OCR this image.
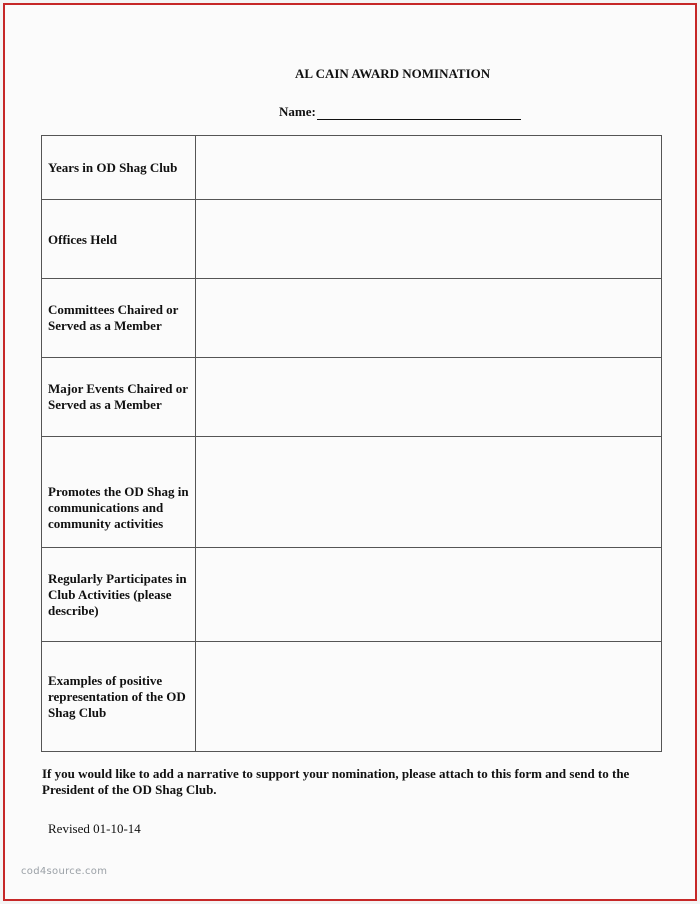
AL CAIN AWARD NOMINATION
Name:
Years in OD Shag Club	
Offices Held	
Committees Chaired or Served as a Member	
Major Events Chaired or Served as a Member	
Promotes the OD Shag in communications and community activities	
Regularly Participates in Club Activities (please describe)	
Examples of positive representation of the OD Shag Club	
If you would like to add a narrative to support your nomination, please attach to this form and send to the President of the OD Shag Club.
Revised 01-10-14
cod4source.com
